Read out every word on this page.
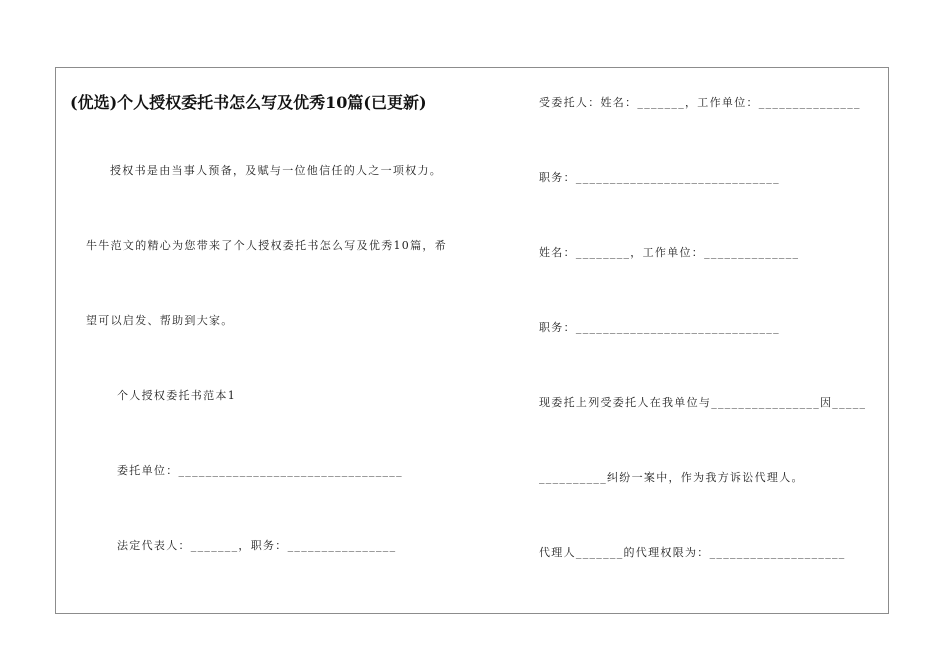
(优选)个人授权委托书怎么写及优秀10篇(已更新)
授权书是由当事人预备，及赋与一位他信任的人之一项权力。
牛牛范文的精心为您带来了个人授权委托书怎么写及优秀10篇，希
望可以启发、帮助到大家。
个人授权委托书范本1
委托单位：_________________________________
法定代表人：_______，职务：________________
受委托人：姓名：_______，工作单位：_______________
职务：______________________________
姓名：________，工作单位：______________
职务：______________________________
现委托上列受委托人在我单位与________________因_____
__________纠纷一案中，作为我方诉讼代理人。
代理人_______的代理权限为：____________________
